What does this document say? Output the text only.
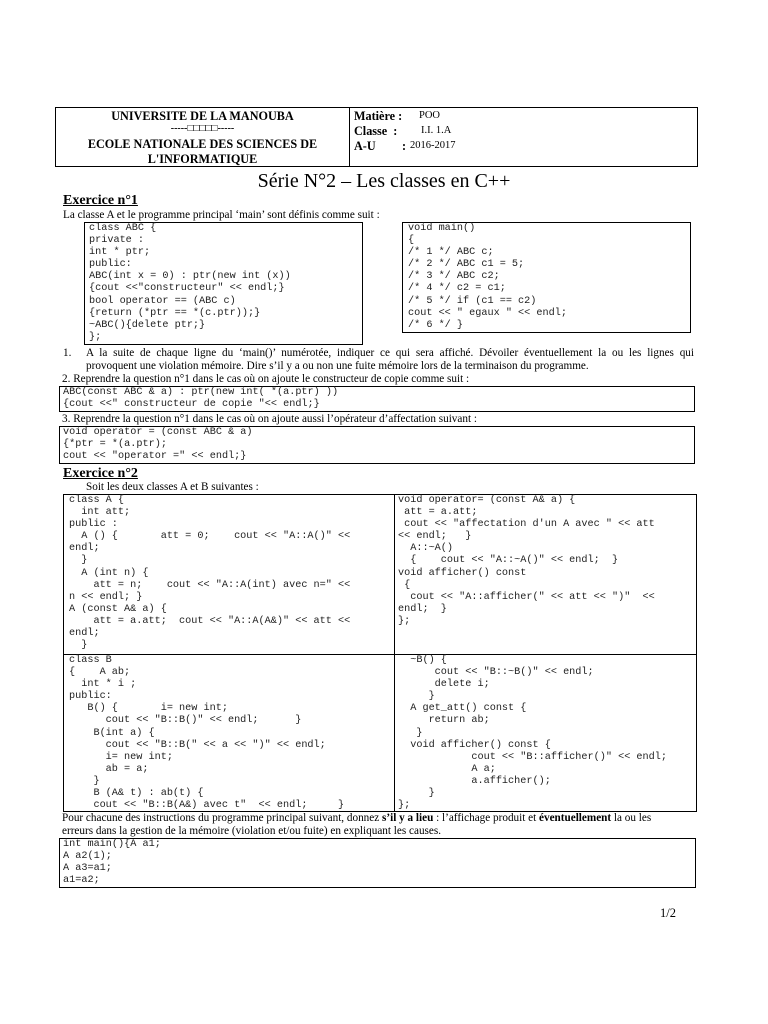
UNIVERSITE DE LA MANOUBA
-----□□□□□-----
ECOLE NATIONALE DES SCIENCES DE
L'INFORMATIQUE
Matière : POO
Classe  : I.I. 1.A
A-U : 2016-2017
Série N°2 – Les classes en C++
Exercice n°1
La classe A et le programme principal ‘main’ sont définis comme suit :
class ABC {
private :
int * ptr;
public:
ABC(int x = 0) : ptr(new int (x))
{cout <<"constructeur" << endl;}
bool operator == (ABC c)
{return (*ptr == *(c.ptr));}
~ABC(){delete ptr;}
};
void main()
{
/* 1 */ ABC c;
/* 2 */ ABC c1 = 5;
/* 3 */ ABC c2;
/* 4 */ c2 = c1;
/* 5 */ if (c1 == c2)
cout << " egaux " << endl;
/* 6 */ }
1. A la suite de chaque ligne du ‘main()’ numérotée, indiquer ce qui sera affiché. Dévoiler éventuellement la ou les lignes qui
provoquent une violation mémoire. Dire s’il y a ou non une fuite mémoire lors de la terminaison du programme.
2. Reprendre la question n°1 dans le cas où on ajoute le constructeur de copie comme suit :
ABC(const ABC & a) : ptr(new int( *(a.ptr) ))
{cout <<" constructeur de copie "<< endl;}
3. Reprendre la question n°1 dans le cas où on ajoute aussi l’opérateur d’affectation suivant :
void operator = (const ABC & a)
{*ptr = *(a.ptr);
cout << "operator =" << endl;}
Exercice n°2
Soit les deux classes A et B suivantes :
class A {
int att;
public :
A () {       att = 0;    cout << "A::A()" <<
endl;
}
A (int n) {
att = n;    cout << "A::A(int) avec n=" <<
n << endl; }
A (const A& a) {
att = a.att;  cout << "A::A(A&)" << att <<
endl;
}
void operator= (const A& a) {
att = a.att;
cout << "affectation d'un A avec " << att
<< endl;   }
A::~A()
{    cout << "A::~A()" << endl;  }
void afficher() const
{
cout << "A::afficher(" << att << ")"  <<
endl;  }
};
class B
{    A ab;
int * i ;
public:
B() {       i= new int;
cout << "B::B()" << endl;      }
B(int a) {
cout << "B::B(" << a << ")" << endl;
i= new int;
ab = a;
}
B (A& t) : ab(t) {
cout << "B::B(A&) avec t"  << endl;     }
~B() {
cout << "B::~B()" << endl;
delete i;
}
A get_att() const {
return ab;
}
void afficher() const {
cout << "B::afficher()" << endl;
A a;
a.afficher();
}
};
Pour chacune des instructions du programme principal suivant, donnez s’il y a lieu : l’affichage produit et éventuellement la ou les
erreurs dans la gestion de la mémoire (violation et/ou fuite) en expliquant les causes.
int main(){A a1;
A a2(1);
A a3=a1;
a1=a2;
1/2
